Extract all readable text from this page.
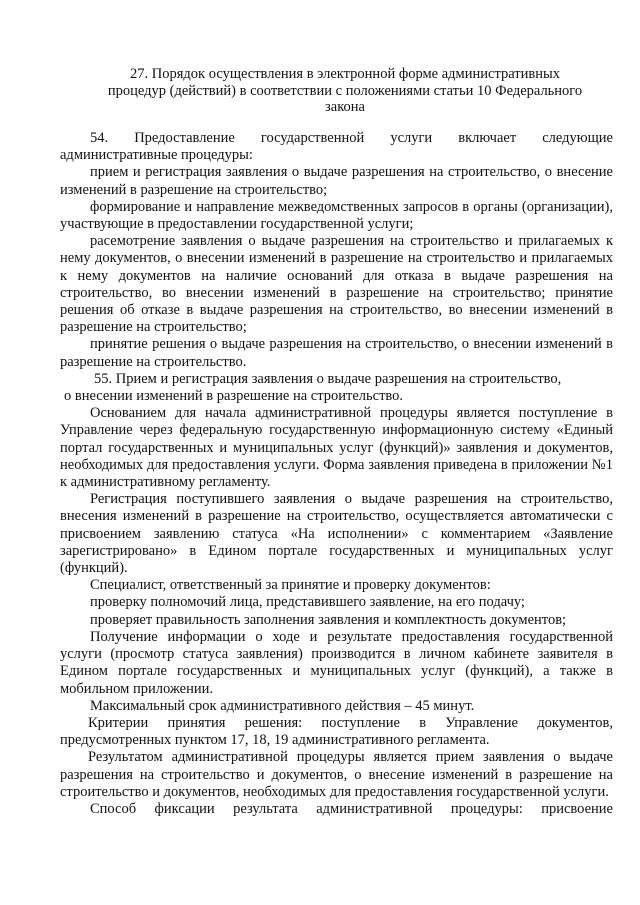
27. Порядок осуществления в электронной форме административных
процедур (действий) в соответствии с положениями статьи 10 Федерального
закона

54. Предоставление государственной услуги включает следующие административные процедуры:

прием и регистрация заявления о выдаче разрешения на строительство, о внесение изменений в разрешение на строительство;

формирование и направление межведомственных запросов в органы (организации), участвующие в предоставлении государственной услуги;

расемотрение заявления о выдаче разрешения на строительство и прилагаемых к нему документов, о внесении изменений в разрешение на строительство и прилагаемых к нему документов на наличие оснований для отказа в выдаче разрешения на строительство, во внесении изменений в разрешение на строительство; принятие решения об отказе в выдаче разрешения на строительство, во внесении изменений в разрешение на строительство;

принятие решения о выдаче разрешения на строительство, о внесении изменений в разрешение на строительство.

55. Прием и регистрация заявления о выдаче разрешения на строительство,

о внесении изменений в разрешение на строительство.

Основанием для начала административной процедуры является поступление в Управление через федеральную государственную информационную систему «Единый портал государственных и муниципальных услуг (функций)» заявления и документов, необходимых для предоставления услуги. Форма заявления приведена в приложении №1 к административному регламенту.

Регистрация поступившего заявления о выдаче разрешения на строительство, внесения изменений в разрешение на строительство, осуществляется автоматически с присвоением заявлению статуса «На исполнении» с комментарием «Заявление зарегистрировано» в Едином портале государственных и муниципальных услуг (функций).

Специалист, ответственный за принятие и проверку документов:

проверку полномочий лица, представившего заявление, на его подачу;

проверяет правильность заполнения заявления и комплектность документов;

Получение информации о ходе и результате предоставления государственной услуги (просмотр статуса заявления) производится в личном кабинете заявителя в Едином портале государственных и муниципальных услуг (функций), а также в мобильном приложении.

Максимальный срок административного действия – 45 минут.

Критерии принятия решения: поступление в Управление документов, предусмотренных пунктом 17, 18, 19 административного регламента.

Результатом административной процедуры является прием заявления о выдаче разрешения на строительство и документов, о внесение изменений в разрешение на строительство и документов, необходимых для предоставления государственной услуги.

Способ фиксации результата административной процедуры: присвоение
